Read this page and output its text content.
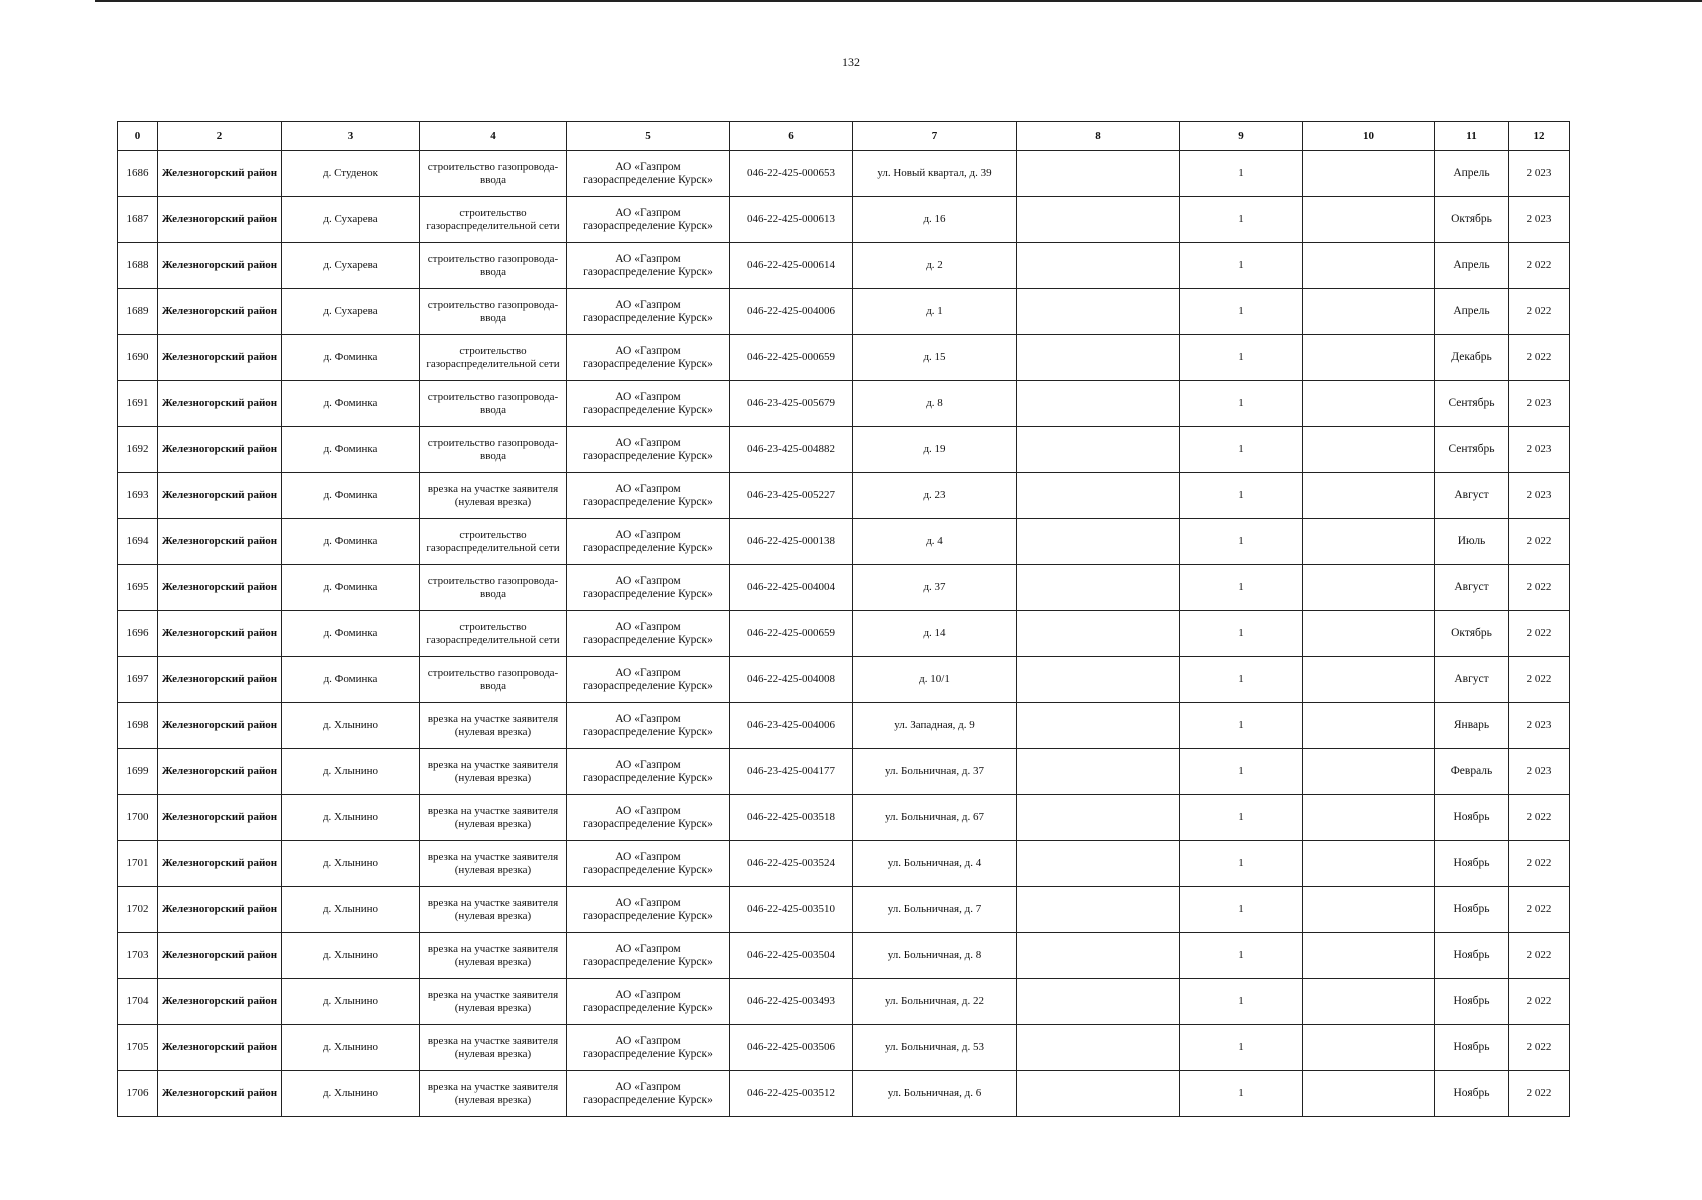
132
0	2	3	4	5	6	7	8	9	10	11	12
1686	Железногорский район	д. Студенок	строительство газопровода-ввода	АО «Газпром газораспределение Курск»	046-22-425-000653	ул. Новый квартал, д. 39		1		Апрель	2 023
1687	Железногорский район	д. Сухарева	строительство газораспределительной сети	АО «Газпром газораспределение Курск»	046-22-425-000613	д. 16		1		Октябрь	2 023
1688	Железногорский район	д. Сухарева	строительство газопровода-ввода	АО «Газпром газораспределение Курск»	046-22-425-000614	д. 2		1		Апрель	2 022
1689	Железногорский район	д. Сухарева	строительство газопровода-ввода	АО «Газпром газораспределение Курск»	046-22-425-004006	д. 1		1		Апрель	2 022
1690	Железногорский район	д. Фоминка	строительство газораспределительной сети	АО «Газпром газораспределение Курск»	046-22-425-000659	д. 15		1		Декабрь	2 022
1691	Железногорский район	д. Фоминка	строительство газопровода-ввода	АО «Газпром газораспределение Курск»	046-23-425-005679	д. 8		1		Сентябрь	2 023
1692	Железногорский район	д. Фоминка	строительство газопровода-ввода	АО «Газпром газораспределение Курск»	046-23-425-004882	д. 19		1		Сентябрь	2 023
1693	Железногорский район	д. Фоминка	врезка на участке заявителя (нулевая врезка)	АО «Газпром газораспределение Курск»	046-23-425-005227	д. 23		1		Август	2 023
1694	Железногорский район	д. Фоминка	строительство газораспределительной сети	АО «Газпром газораспределение Курск»	046-22-425-000138	д. 4		1		Июль	2 022
1695	Железногорский район	д. Фоминка	строительство газопровода-ввода	АО «Газпром газораспределение Курск»	046-22-425-004004	д. 37		1		Август	2 022
1696	Железногорский район	д. Фоминка	строительство газораспределительной сети	АО «Газпром газораспределение Курск»	046-22-425-000659	д. 14		1		Октябрь	2 022
1697	Железногорский район	д. Фоминка	строительство газопровода-ввода	АО «Газпром газораспределение Курск»	046-22-425-004008	д. 10/1		1		Август	2 022
1698	Железногорский район	д. Хлынино	врезка на участке заявителя (нулевая врезка)	АО «Газпром газораспределение Курск»	046-23-425-004006	ул. Западная, д. 9		1		Январь	2 023
1699	Железногорский район	д. Хлынино	врезка на участке заявителя (нулевая врезка)	АО «Газпром газораспределение Курск»	046-23-425-004177	ул. Больничная, д. 37		1		Февраль	2 023
1700	Железногорский район	д. Хлынино	врезка на участке заявителя (нулевая врезка)	АО «Газпром газораспределение Курск»	046-22-425-003518	ул. Больничная, д. 67		1		Ноябрь	2 022
1701	Железногорский район	д. Хлынино	врезка на участке заявителя (нулевая врезка)	АО «Газпром газораспределение Курск»	046-22-425-003524	ул. Больничная, д. 4		1		Ноябрь	2 022
1702	Железногорский район	д. Хлынино	врезка на участке заявителя (нулевая врезка)	АО «Газпром газораспределение Курск»	046-22-425-003510	ул. Больничная, д. 7		1		Ноябрь	2 022
1703	Железногорский район	д. Хлынино	врезка на участке заявителя (нулевая врезка)	АО «Газпром газораспределение Курск»	046-22-425-003504	ул. Больничная, д. 8		1		Ноябрь	2 022
1704	Железногорский район	д. Хлынино	врезка на участке заявителя (нулевая врезка)	АО «Газпром газораспределение Курск»	046-22-425-003493	ул. Больничная, д. 22		1		Ноябрь	2 022
1705	Железногорский район	д. Хлынино	врезка на участке заявителя (нулевая врезка)	АО «Газпром газораспределение Курск»	046-22-425-003506	ул. Больничная, д. 53		1		Ноябрь	2 022
1706	Железногорский район	д. Хлынино	врезка на участке заявителя (нулевая врезка)	АО «Газпром газораспределение Курск»	046-22-425-003512	ул. Больничная, д. 6		1		Ноябрь	2 022
